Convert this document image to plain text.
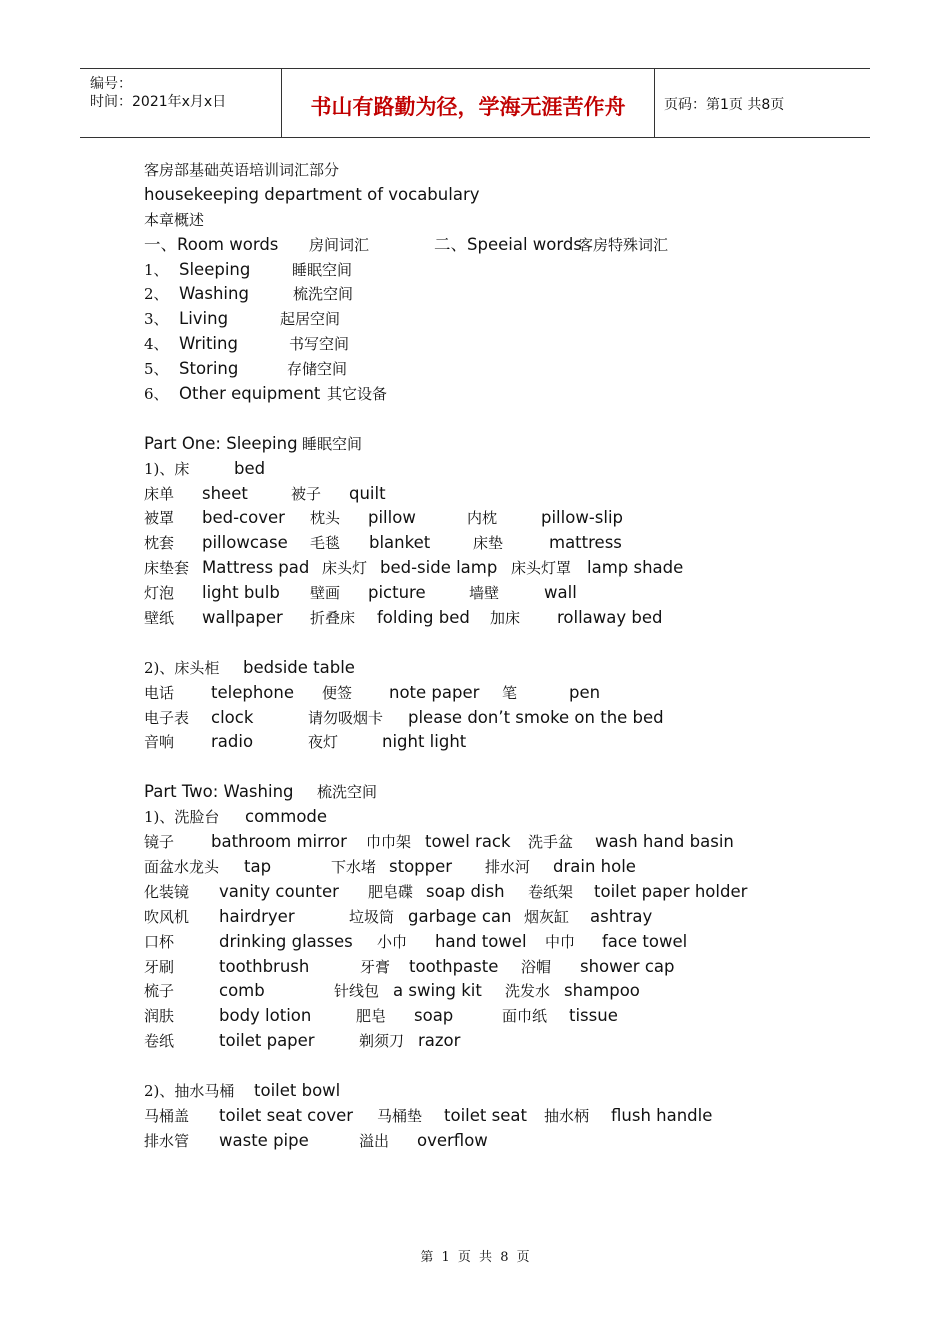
编号：
时间：2021年x月x日	书山有路勤为径，学海无涯苦作舟	页码：第1页 共8页
客房部基础英语培训词汇部分
housekeeping department of vocabulary
本章概述
一、Room words 房间词汇	二、Speeial words
客房特殊词汇
1、 Sleeping	睡眠空间
2、 Washing	梳洗空间
3、 Living	起居空间
4、 Writing	书写空间
5、 Storing	存储空间
6、 Other equipment 其它设备
Part One: Sleeping 睡眠空间
1)、床	bed
床单 sheet	被子 quilt
被罩 bed-cover 枕头 pillow	内枕	pillow-slip
枕套 pillowcase 毛毯 blanket	床垫	mattress
床垫套 Mattress pad 床头灯 bed-side lamp 床头灯罩 lamp shade
灯泡 light bulb 壁画 picture	墙壁	wall
壁纸 wallpaper 折叠床 folding bed 加床 rollaway bed
2)、床头柜 bedside table
电话 telephone 便签 note paper 笔	pen
电子表 clock	请勿吸烟卡 please don’t smoke on the bed
音响 radio	夜灯	night light
Part Two: Washing 梳洗空间
1)、洗脸台 commode
镜子 bathroom mirror 巾巾架 towel rack 洗手盆 wash hand basin
面盆水龙头 tap	下水堵 stopper 排水河 drain hole
化装镜 vanity counter 肥皂碟 soap dish 卷纸架 toilet paper holder
吹风机 hairdryer	垃圾筒 garbage can 烟灰缸 ashtray
口杯	drinking glasses 小巾 hand towel 中巾 face towel
牙刷	toothbrush	牙膏 toothpaste 浴帽 shower cap
梳子	comb	针线包 a swing kit 洗发水 shampoo
润肤	body lotion	肥皂 soap	面巾纸 tissue
卷纸	toilet paper	剃须刀 razor
2)、抽水马桶 toilet bowl
马桶盖 toilet seat cover 马桶垫 toilet seat 抽水柄 flush handle
排水管 waste pipe	溢出 overflow
第 1 页 共 8 页
